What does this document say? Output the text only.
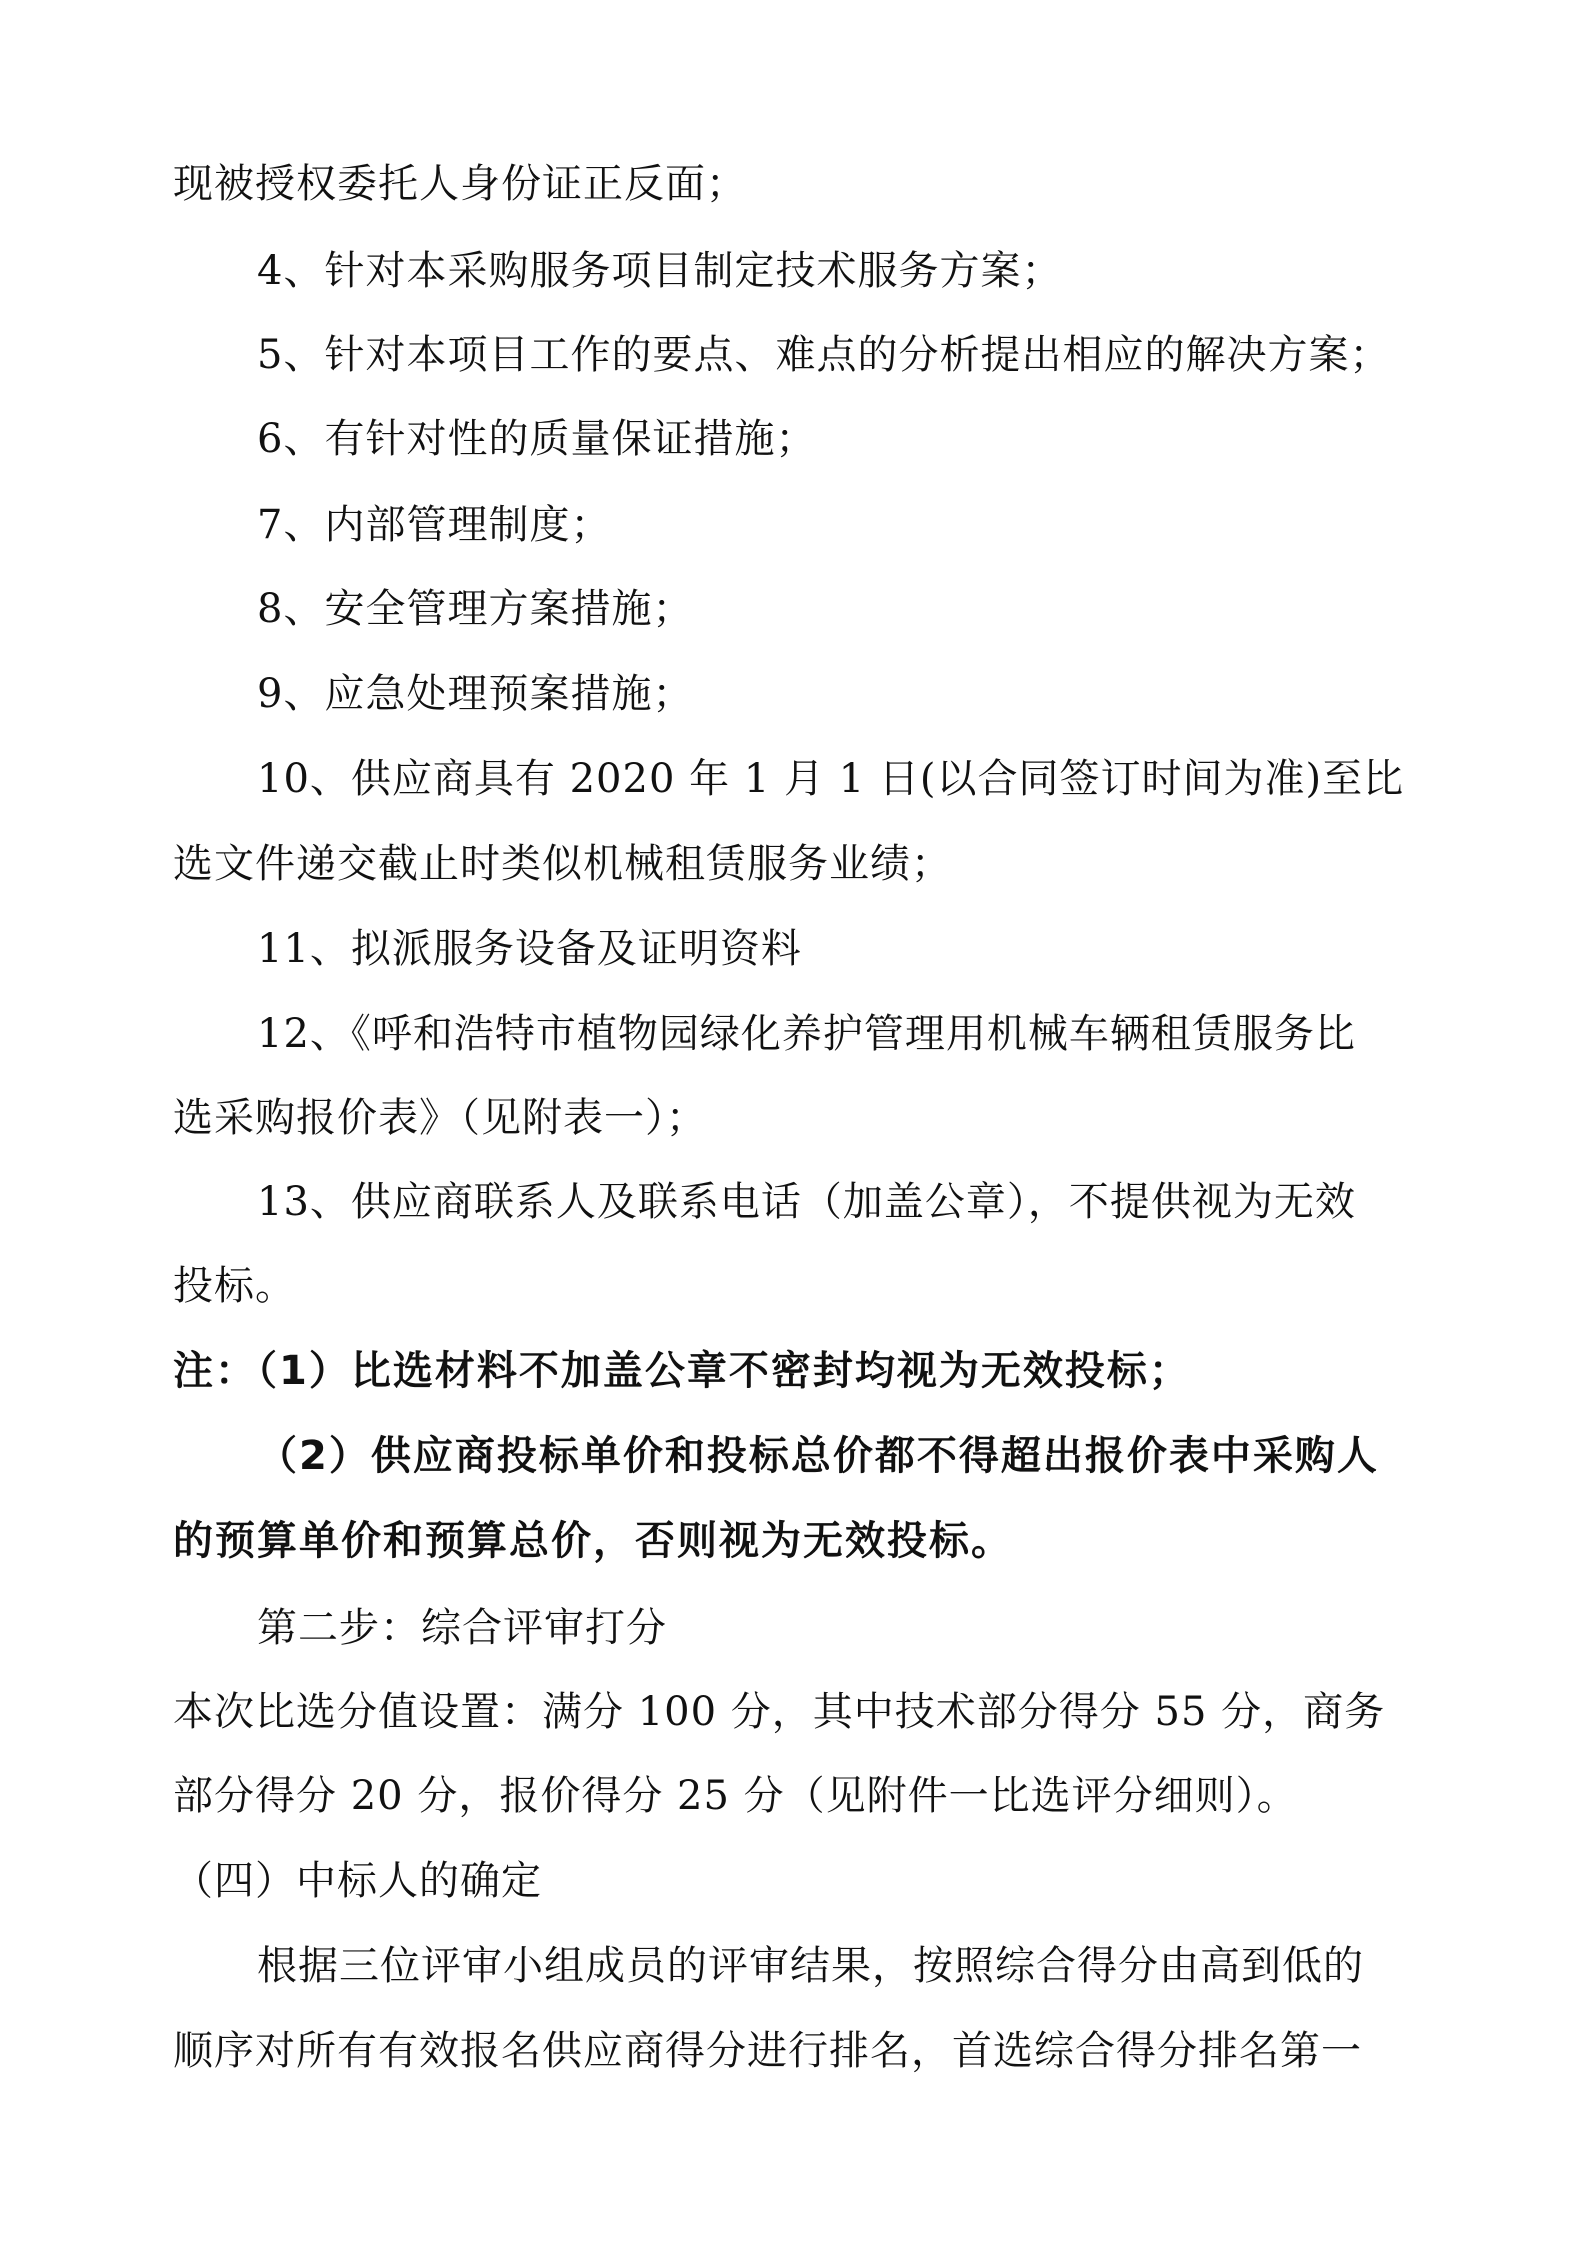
现被授权委托人身份证正反面；
4、针对本采购服务项目制定技术服务方案；
5、针对本项目工作的要点、难点的分析提出相应的解决方案；
6、有针对性的质量保证措施；
7、内部管理制度；
8、安全管理方案措施；
9、应急处理预案措施；
10、供应商具有 2020 年 1 月 1 日(以合同签订时间为准)至比
选文件递交截止时类似机械租赁服务业绩；
11、拟派服务设备及证明资料
12、《呼和浩特市植物园绿化养护管理用机械车辆租赁服务比
选采购报价表》（见附表一）；
13、供应商联系人及联系电话（加盖公章），不提供视为无效
投标。
注：（1）比选材料不加盖公章不密封均视为无效投标；
（2）供应商投标单价和投标总价都不得超出报价表中采购人
的预算单价和预算总价，否则视为无效投标。
第二步：综合评审打分
本次比选分值设置：满分 100 分，其中技术部分得分 55 分，商务
部分得分 20 分，报价得分 25 分（见附件一比选评分细则）。
（四）中标人的确定
根据三位评审小组成员的评审结果，按照综合得分由高到低的
顺序对所有有效报名供应商得分进行排名，首选综合得分排名第一
